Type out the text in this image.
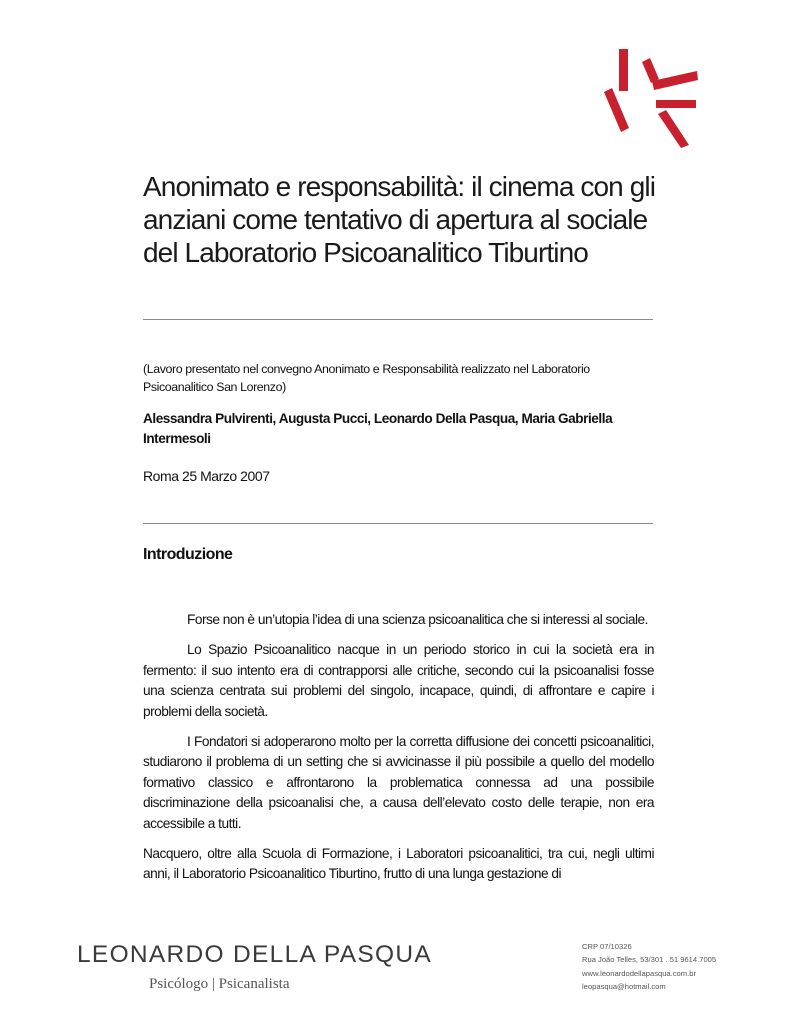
Anonimato e responsabilità: il cinema con gli anziani come tentativo di apertura al sociale del Laboratorio Psicoanalitico Tiburtino

(Lavoro presentato nel convegno Anonimato e Responsabilità realizzato nel Laboratorio Psicoanalitico San Lorenzo)

Alessandra Pulvirenti, Augusta Pucci, Leonardo Della Pasqua, Maria Gabriella Intermesoli

Roma 25 Marzo 2007

Introduzione

Forse non è un’utopia l’idea di una scienza psicoanalitica che si interessi al sociale.

Lo Spazio Psicoanalitico nacque in un periodo storico in cui la società era in fermento: il suo intento era di contrapporsi alle critiche, secondo cui la psicoanalisi fosse una scienza centrata sui problemi del singolo, incapace, quindi, di affrontare e capire i problemi della società.

I Fondatori si adoperarono molto per la corretta diffusione dei concetti psicoanalitici, studiarono il problema di un setting che si avvicinasse il più possibile a quello del modello formativo classico e affrontarono la problematica connessa ad una possibile discriminazione della psicoanalisi che, a causa dell’elevato costo delle terapie, non era accessibile a tutti.

Nacquero, oltre alla Scuola di Formazione, i Laboratori psicoanalitici, tra cui, negli ultimi anni, il Laboratorio Psicoanalitico Tiburtino, frutto di una lunga gestazione di

LEONARDO DELLA PASQUA
Psicólogo | Psicanalista
CRP 07/10326
Rua João Telles, 53/301 . 51 9614.7005
www.leonardodellapasqua.com.br
leopasqua@hotmail.com
